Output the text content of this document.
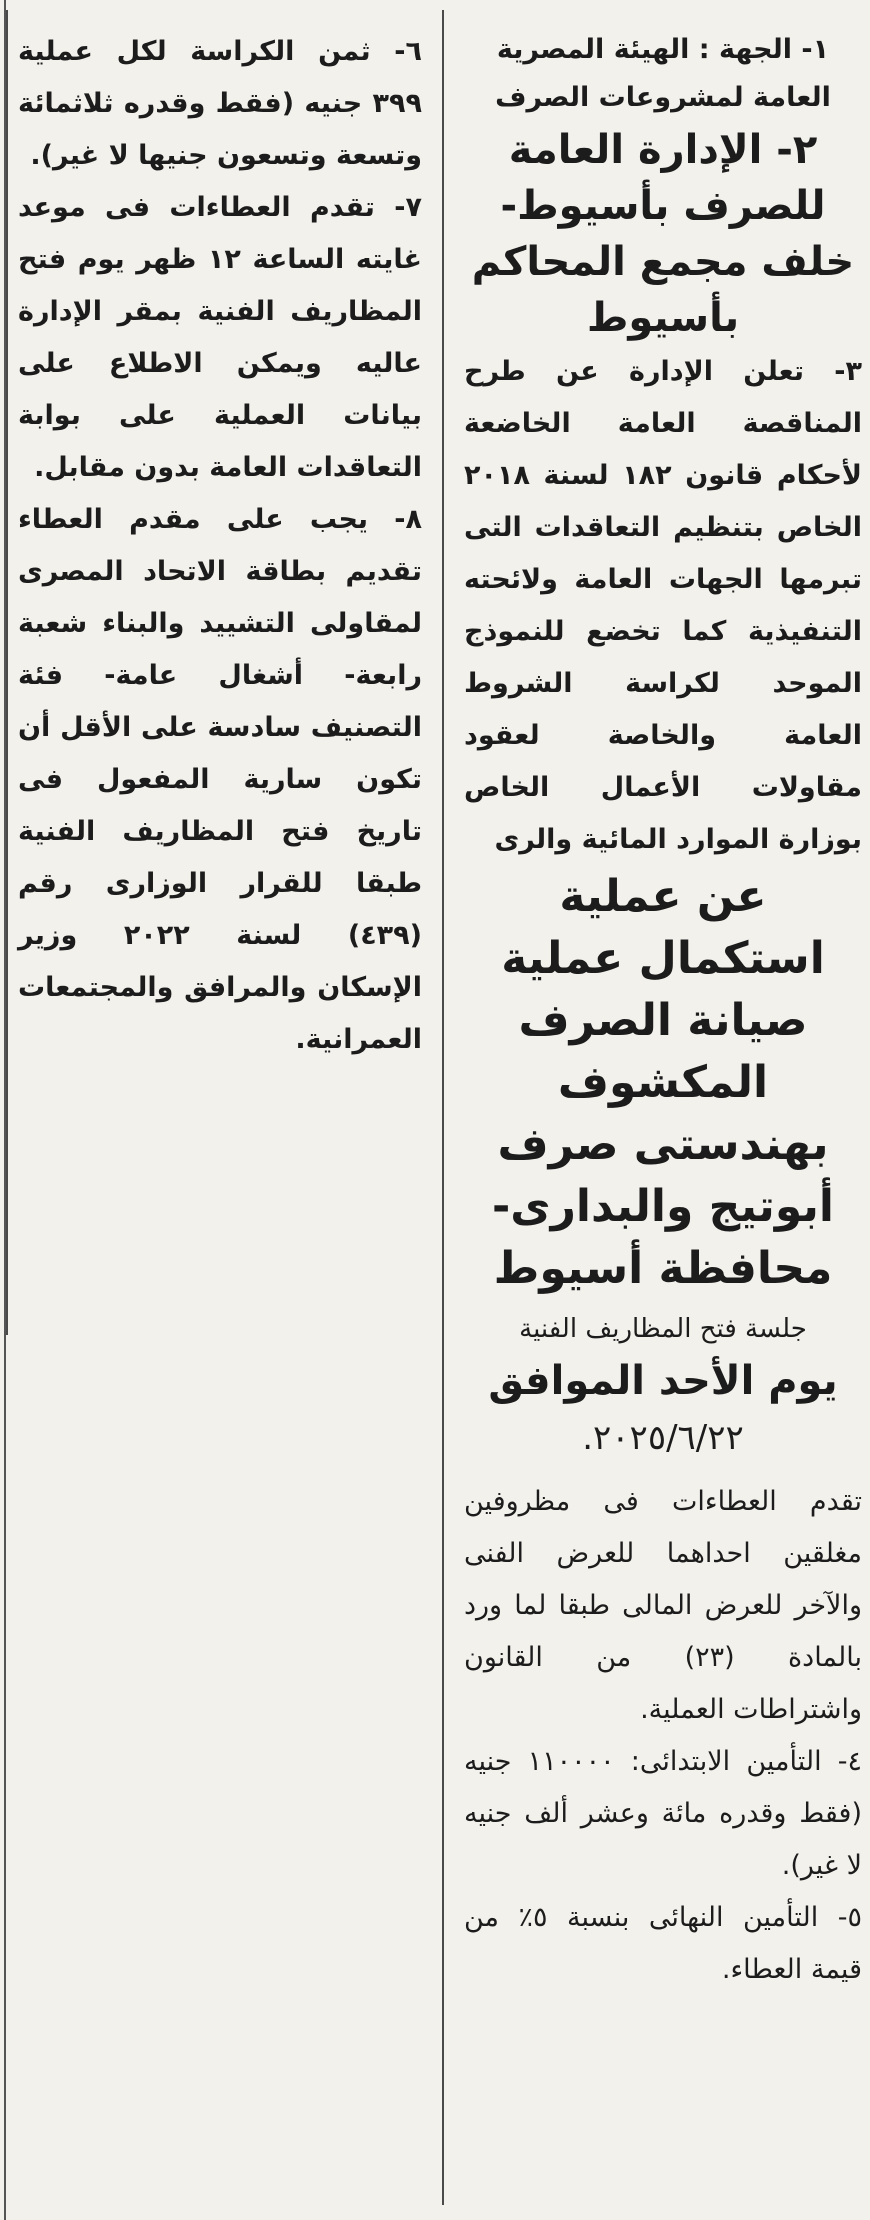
١- الجهة : الهيئة المصرية العامة لمشروعات الصرف

٢- الإدارة العامة للصرف بأسيوط- خلف مجمع المحاكم بأسيوط

٣- تعلن الإدارة عن طرح المناقصة العامة الخاضعة لأحكام قانون ١٨٢ لسنة ٢٠١٨ الخاص بتنظيم التعاقدات التى تبرمها الجهات العامة ولائحته التنفيذية كما تخضع للنموذج الموحد لكراسة الشروط العامة والخاصة لعقود مقاولات الأعمال الخاص بوزارة الموارد المائية والرى

عن عملية استكمال عملية صيانة الصرف المكشوف بهندستى صرف أبوتيج والبدارى- محافظة أسيوط

جلسة فتح المظاريف الفنية

يوم الأحد الموافق

٢٠٢٥/٦/٢٢.

تقدم العطاءات فى مظروفين مغلقين احداهما للعرض الفنى والآخر للعرض المالى طبقا لما ورد بالمادة (٢٣) من القانون واشتراطات العملية.

٤- التأمين الابتدائى: ١١٠٠٠٠ جنيه (فقط وقدره مائة وعشر ألف جنيه لا غير).

٥- التأمين النهائى بنسبة ٥٪ من قيمة العطاء.

٦- ثمن الكراسة لكل عملية ٣٩٩ جنيه (فقط وقدره ثلاثمائة وتسعة وتسعون جنيها لا غير).

٧- تقدم العطاءات فى موعد غايته الساعة ١٢ ظهر يوم فتح المظاريف الفنية بمقر الإدارة عاليه ويمكن الاطلاع على بيانات العملية على بوابة التعاقدات العامة بدون مقابل.

٨- يجب على مقدم العطاء تقديم بطاقة الاتحاد المصرى لمقاولى التشييد والبناء شعبة رابعة- أشغال عامة- فئة التصنيف سادسة على الأقل أن تكون سارية المفعول فى تاريخ فتح المظاريف الفنية طبقا للقرار الوزارى رقم (٤٣٩) لسنة ٢٠٢٢ وزير الإسكان والمرافق والمجتمعات العمرانية.
